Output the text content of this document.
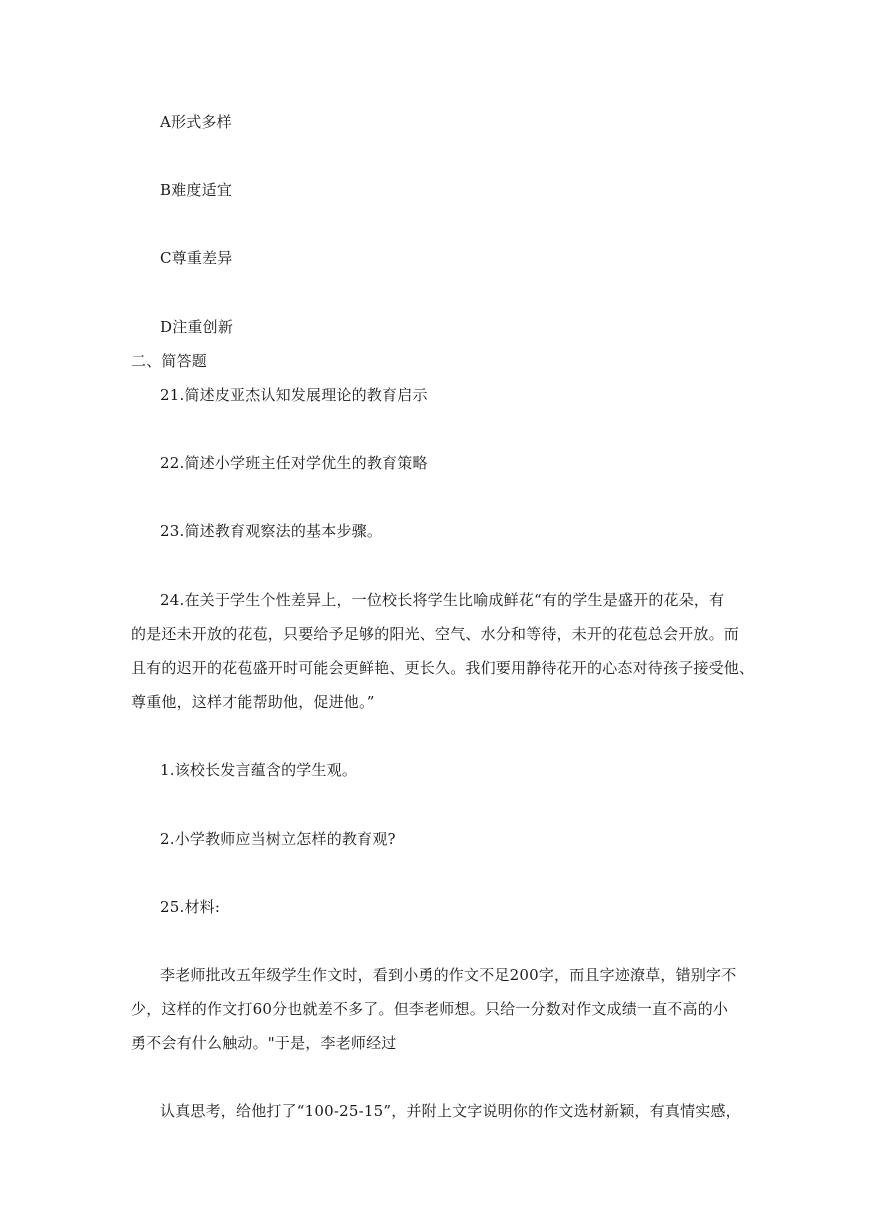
A形式多样
B难度适宜
C尊重差异
D注重创新
二、简答题
21.简述皮亚杰认知发展理论的教育启示
22.简述小学班主任对学优生的教育策略
23.简述教育观察法的基本步骤。
24.在关于学生个性差异上，一位校长将学生比喻成鲜花“有的学生是盛开的花朵，有
的是还未开放的花苞，只要给予足够的阳光、空气、水分和等待，未开的花苞总会开放。而
且有的迟开的花苞盛开时可能会更鲜艳、更长久。我们要用静待花开的心态对待孩子接受他、
尊重他，这样才能帮助他，促进他。”
1.该校长发言蕴含的学生观。
2.小学教师应当树立怎样的教育观?
25.材料:
李老师批改五年级学生作文时，看到小勇的作文不足200字，而且字迹潦草，错别字不
少，这样的作文打60分也就差不多了。但李老师想。只给一分数对作文成绩一直不高的小
勇不会有什么触动。"于是，李老师经过
认真思考，给他打了“100-25-15”，并附上文字说明你的作文选材新颖，有真情实感，
